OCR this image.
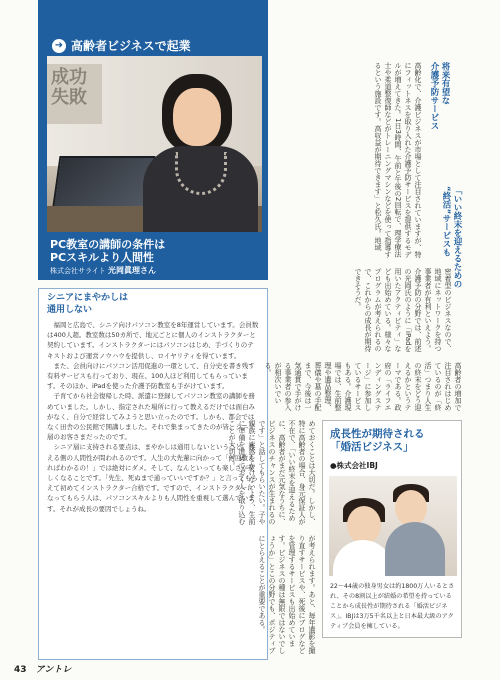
➜ 高齢者ビジネスで起業
成功
失敗
PC教室の講師の条件は
PCスキルより人間性
株式会社サライト 光岡眞理さん
シニアにまやかしは
通用しない

福岡と広島で、シニア向けパソコン教室を8年運営しています。会員数は400人超。教室数は50カ所で、地元ごとに個人のインストラクターと契約しています。インストラクターにはパソコンはじめ、手づくりのテキストおよび運営ノウハウを提供し、ロイヤリティを得ています。

また、会員向けにパソコン活用促進の一環として、自分史を書き残す有料サービスも行っており、現在、100人ほど利用してもらっています。そのほか、iPadを使った介護予防教室も手がけています。

子育てから社会復帰した時、派遣に登録してパソコン教室の講師を務めていました。しかし、指定された場所に行って教えるだけでは面白みがなく、自分で経営してみようと思い立ったのです。しかも、都会ではなく田舎の公民館で開講しました。それで集まってきたのが皆、シニア層のお客さまだったのです。

シニア層に支持される要点は、まやかしは通用しないということ。教える側の人間性が問われるのです。人生の大先輩に向かって「何回教えればわかるの！」では絶対にダメ。そして、なんといっても楽しさが楽しくなることです。「先生、死ぬまで通っていいですか？」と言ってもらえて初めてインストラクター合格です。ですので、インストラクターになってもらう人は、パソコンスキルよりも人間性を重視して選んでいます。それが成長の要因でしょうね。

将来有望な
介護予防サービス
高齢化で、介護ビジネスが市場として注目されていますが、特にフィットネスを取り入れた介護予防サービスを提供するモデルが増えてきた。1日3時間、午前と午後の2回転で、理学療法士や柔道整復師などがトレーニングマシンなどを使って指導するという施設です。高収益が期待できます」と松久氏。地域
密着型のビジネスなので、地域にネットワークを持つ事業者が有利といえよう。介護予防の分野では、前述の光岡氏のように「iPadを用いたアクティビティ」なども出始めている。様々なプログラムが考えられるので、これからの成長が期待できそうだ。
「いい終末を迎えるための
“終活”サービスも
高齢者の増加で注目されはじめているのが「終活」つまり人生の終末をどう迎えるかというテーマである。政府の「ライフエンディングステージ」に参加しているサービスもある。介護現場では、生前整理や遺品整理、葬儀や墓の手配まで、今後は一気通貫で手がける事業者の参入が相次いでいる。
めておくことは大切だ。しかし、特に高齢者の場合、身元保証人が不在で、「いい終末を迎えるために、高齢者がまだ元気なうちに、ビジネスのチャンスが生まれるのです」と話してもらいたい。子や親族に迷惑をかけないよう、生前に準備を進めておく人を取り込むことが大切だ。
が考えられます。あと、毎年遺影を撮り直すサービスや、死後にブログなどを管理するサービスも出始めています。ビジネスの種は無限ではないでしょうか」とこの分野でも、ポジティブにとらえることが重要である。
成長性が期待される
「婚活ビジネス」
●株式会社IBJ
22〜44歳の独身男女は約1800万人いるとされ、その8割以上が結婚の希望を持っていることから成長性が期待される「婚活ビジネス」。IBJは3万5千名以上と日本最大級のアクティブ会員を擁している。
43 アントレ
